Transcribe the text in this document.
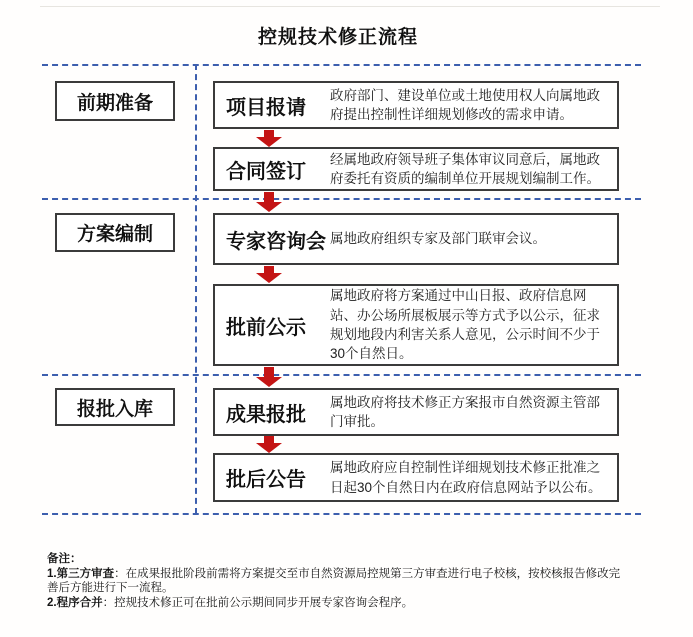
控规技术修正流程
前期准备
方案编制
报批入库
项目报请
政府部门、建设单位或土地使用权人向属地政府提出控制性详细规划修改的需求申请。
合同签订
经属地政府领导班子集体审议同意后，属地政府委托有资质的编制单位开展规划编制工作。
专家咨询会 属地政府组织专家及部门联审会议。
批前公示
属地政府将方案通过中山日报、政府信息网站、办公场所展板展示等方式予以公示，征求规划地段内利害关系人意见，公示时间不少于30个自然日。
成果报批
属地政府将技术修正方案报市自然资源主管部门审批。
批后公告
属地政府应自控制性详细规划技术修正批准之日起30个自然日内在政府信息网站予以公布。

备注：

1.第三方审查：在成果报批阶段前需将方案提交至市自然资源局控规第三方审查进行电子校核，按校核报告修改完善后方能进行下一流程。

2.程序合并：控规技术修正可在批前公示期间同步开展专家咨询会程序。
